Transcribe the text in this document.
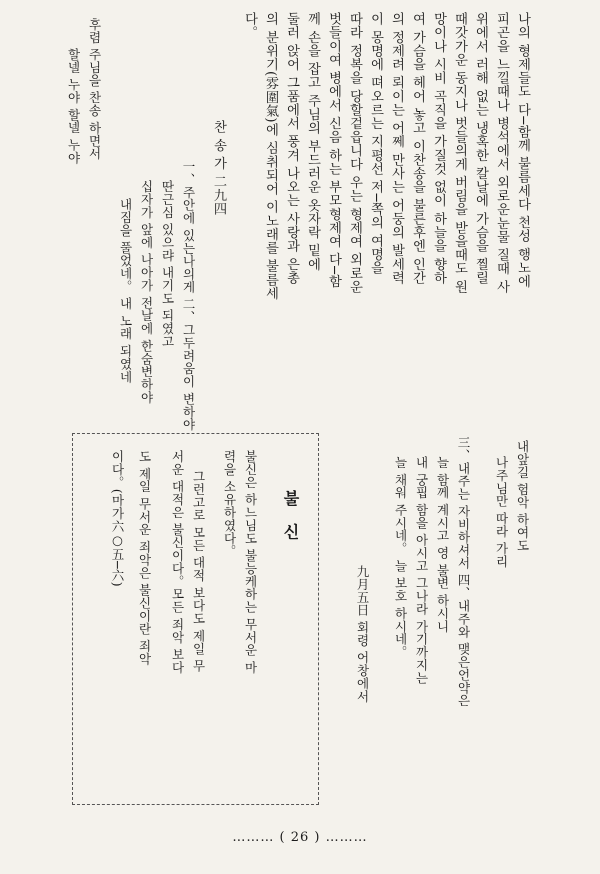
나의 형제들도 다─함께 불름세다 천성 행노에
피곤을 느낄때나 병석에서 외로운눈물 질때 사
위에서 러해 없는 냉혹한 칼날에 가슴을 찔릴
때갓가운 동지나 벗들의게 버림을 받을때도 원
망이나 시비 곡직을 가질것 없이 하늘을 향하
여 가슴을 헤어 놓고 이찬송을 불른후엔 인간
의 정제려 뢰이는 어쩨 만사는 어둥의 발세력
이 몽명에 뗘오르는 지평선 저─쪽의 여명을
따라 정복을 당할겉읍니다 우는 형제여 외로운
벗들이여 병에서 신음 하는 부모형제여 다─함
께 손을 잡고 주님의 부드러운 옷자락 밑에
둘러 앉어 그품에서 풍겨 나오는 사랑과 은총
의 분위기(雰圍氣)에 심취되어 이노래를 불름세
다。
찬 송 가 二九四
一、주안에 있는나의게 二、그두려움이 변하야
딴근심 있으랴 내기도 되였고
십자가 앞에 나아가 전날에 한숨변하야
내짐을 풀었네。 내 노래 되였네
후렴 주님을 찬송 하면서
할넬 누야 할넬 누야
내앞길 험악 하여도
나주님만 따라 가리
三、내주는 자비하셔서 四、내주와 맺은언약은
늘 함께 계시고 영 불변 하시니
내 궁핍 함을 아시고 그나라 가기까지는
늘 채워 주시네。 늘 보호 하시네。
九月五日 회령 어창에서
불 신
불신은 하느님도 불능케하는 무서운 마
력을 소유하였다。
그런고로 모든 대적 보다도 제일 무
서운 대적은 불신이다。모든 죄악 보다
도 제일 무서운 죄악은 불신이란 죄악
이다。(마가六○五─六)
……… ( 26 ) ………
